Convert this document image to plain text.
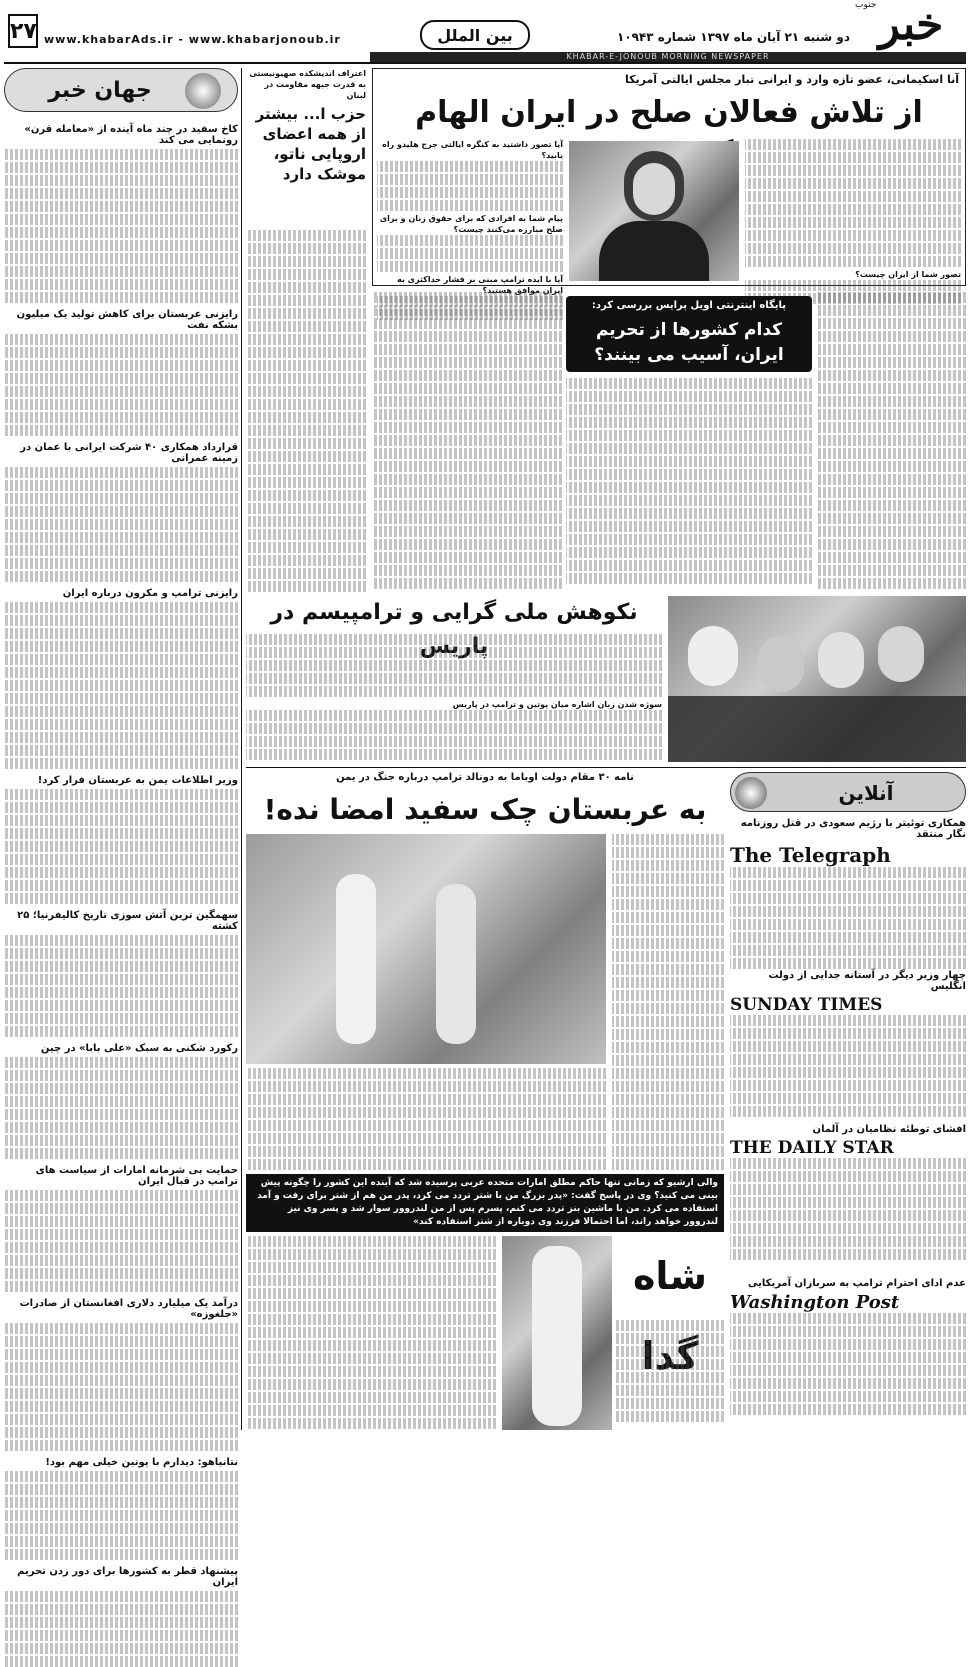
۲۷ www.khabarAds.ir - www.khabarjonoub.ir	بین الملل	دو شنبه ۲۱ آبان ماه ۱۳۹۷ شماره ۱۰۹۴۳ خبر
جنوب
KHABAR-E-JONOUB MORNING NEWSPAPER
جهان خبر
کاخ سفید در چند ماه آینده از «معامله قرن» رونمایی می کند
رایزنی عربستان برای کاهش تولید یک میلیون بشکه نفت
قرارداد همکاری ۴۰ شرکت ایرانی با عمان در زمینه عمرانی
رایزنی ترامپ و مکرون درباره ایران
وزیر اطلاعات یمن به عربستان فرار کرد!
سهمگین ترین آتش سوزی تاریخ کالیفرنیا؛ ۲۵ کشته
رکورد شکنی به سبک «علی بابا» در چین
حمایت بی شرمانه امارات از سیاست های ترامپ در قبال ایران
درآمد یک میلیارد دلاری افغانستان از صادرات «جلغوزه»
نتانیاهو: دیدارم با پوتین خیلی مهم بود!
پیشنهاد قطر به کشورها برای دور زدن تحریم ایران
اعتراف اندیشکده صهیونیستی به قدرت جبهه مقاومت در لبنان
حزب ا... بیشتر از همه اعضای اروپایی ناتو، موشک دارد
آنا اسکیمانی، عضو تازه وارد و ایرانی تبار مجلس ایالتی آمریکا
از تلاش فعالان صلح در ایران الهام
آیا تصور داشتید به کنگره ایالتی جرج هلیدو راه یابید؟
پیام شما به افرادی که برای حقوق زنان و برای صلح مبارزه می‌کنند چیست؟
آیا با ایده ترامپ مبنی بر فشار حداکثری به ایران موافق هستید؟
تصور شما از ایران چیست؟
پایگاه اینترنتی اویل پرایس بررسی کرد:
کدام کشورها از تحریم ایران، آسیب می بینند؟
نکوهش ملی گرایی و ترامپیسم در پاریس
سوژه شدن زبان اشاره میان پوتین و ترامپ در پاریس
نامه ۳۰ مقام دولت اوباما به دونالد ترامپ درباره جنگ در یمن
به عربستان چک سفید امضا نده!	آنلاین
همکاری توئیتر با رژیم سعودی در قتل روزنامه نگار منتقد
The Telegraph
چهار وزیر دیگر در آستانه جدایی از دولت انگلیس
SUNDAY TIMES
افشای توطئه نظامیان در آلمان
THE DAILY STAR
عدم ادای احترام ترامپ به سربازان آمریکایی
Washington Post
والی ارشیو که زمانی تنها حاکم مطلق امارات متحده عربی پرسیده شد که آینده این کشور را چگونه پیش بینی می کنید؟ وی در پاسخ گفت: «پدر بزرگ من با شتر تردد می کرد، پدر من هم از شتر برای رفت و آمد استفاده می کرد. من با ماشین بنز تردد می کنم، پسرم پس از من لندروور سوار شد و پسر وی نیز لندروور خواهد راند، اما احتمالا فرزند وی دوباره از شتر استفاده کند»
شاه گدا
